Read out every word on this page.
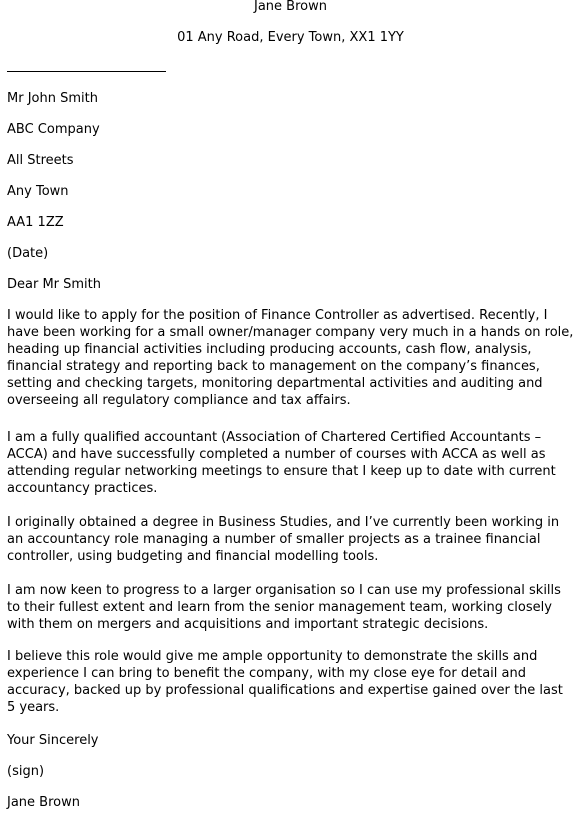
Jane Brown

01 Any Road, Every Town, XX1 1YY

Mr John Smith

ABC Company

All Streets

Any Town

AA1 1ZZ

(Date)

Dear Mr Smith

I would like to apply for the position of Finance Controller as advertised. Recently, I
have been working for a small owner/manager company very much in a hands on role,
heading up financial activities including producing accounts, cash flow, analysis,
financial strategy and reporting back to management on the company’s finances,
setting and checking targets, monitoring departmental activities and auditing and
overseeing all regulatory compliance and tax affairs.
I am a fully qualified accountant (Association of Chartered Certified Accountants –
ACCA) and have successfully completed a number of courses with ACCA as well as
attending regular networking meetings to ensure that I keep up to date with current
accountancy practices.
I originally obtained a degree in Business Studies, and I’ve currently been working in
an accountancy role managing a number of smaller projects as a trainee financial
controller, using budgeting and financial modelling tools.
I am now keen to progress to a larger organisation so I can use my professional skills
to their fullest extent and learn from the senior management team, working closely
with them on mergers and acquisitions and important strategic decisions.
I believe this role would give me ample opportunity to demonstrate the skills and
experience I can bring to benefit the company, with my close eye for detail and
accuracy, backed up by professional qualifications and expertise gained over the last
5 years.

Your Sincerely

(sign)

Jane Brown
